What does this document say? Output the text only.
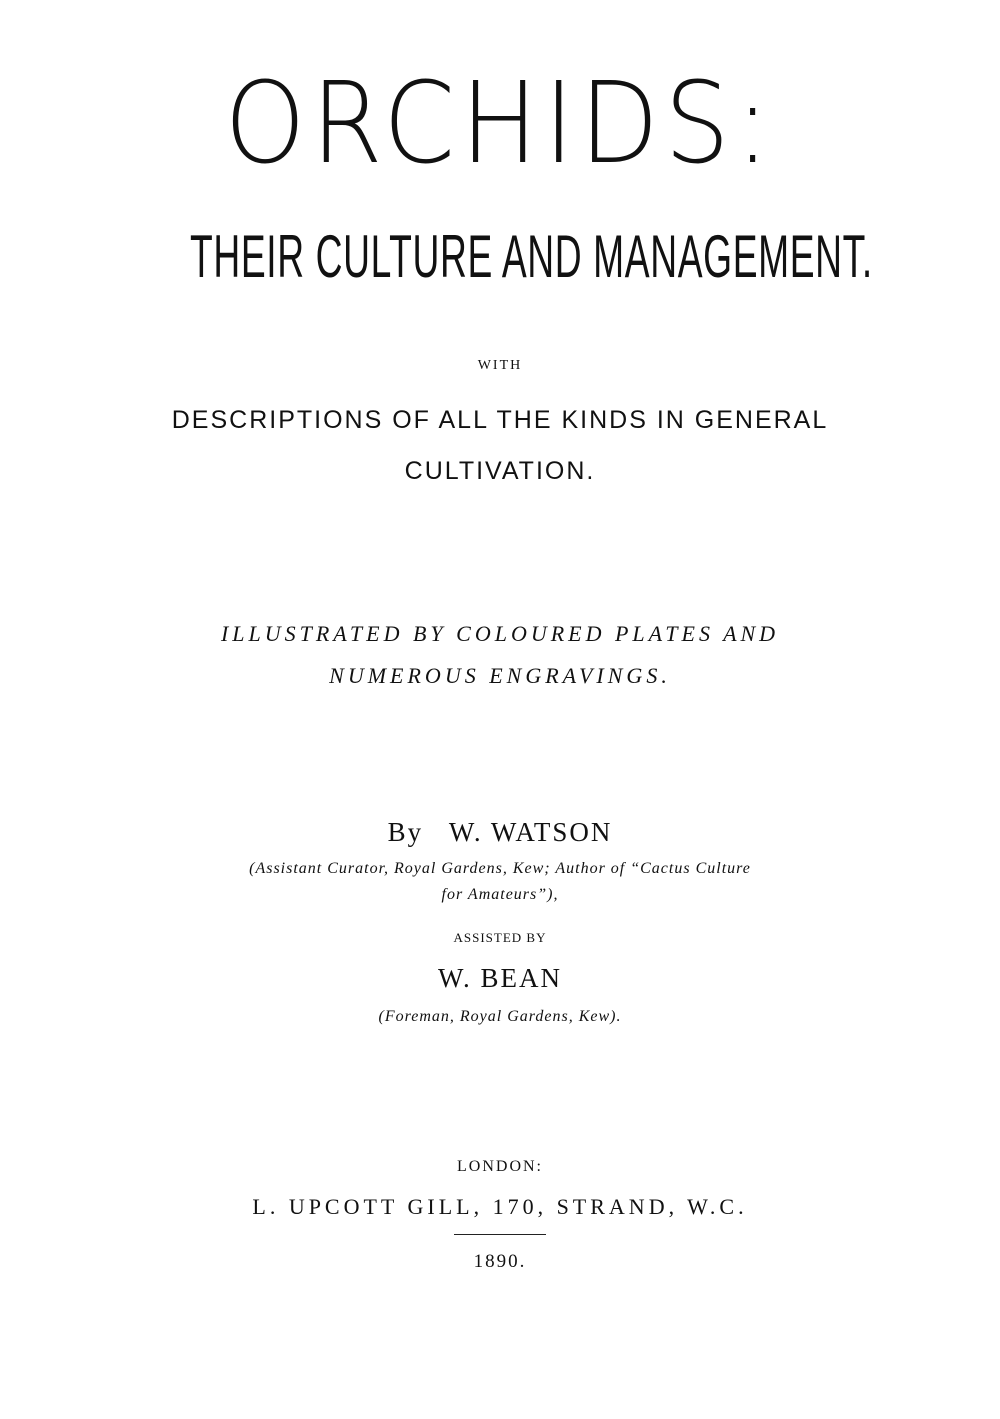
ORCHIDS:
THEIR CULTURE AND MANAGEMENT.
WITH
DESCRIPTIONS OF ALL THE KINDS IN GENERAL
CULTIVATION.
ILLUSTRATED BY COLOURED PLATES AND
NUMEROUS ENGRAVINGS.
By W. WATSON
(Assistant Curator, Royal Gardens, Kew; Author of “Cactus Culture
for Amateurs”),
ASSISTED BY
W. BEAN
(Foreman, Royal Gardens, Kew).
LONDON:
L. UPCOTT GILL, 170, STRAND, W.C.
1890.
